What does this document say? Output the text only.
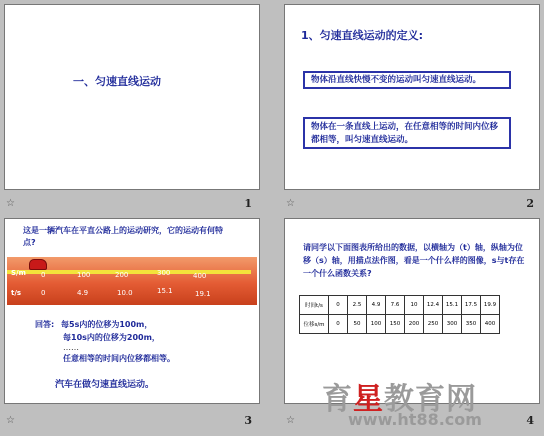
一、匀速直线运动
☆	1
1、匀速直线运动的定义:
物体沿直线快慢不变的运动叫匀速直线运动。
物体在一条直线上运动，在任意相等的时间内位移都相等，叫匀速直线运动。
☆	2
这是一辆汽车在平直公路上的运动研究，它的运动有何特点?
S/m
t/s
0	100	200	300	400
0	4.9	10.0	15.1	19.1
回答: 每5s内的位移为100m，
每10s内的位移为200m，
……
任意相等的时间内位移都相等。
汽车在做匀速直线运动。
☆	3
请同学以下面图表所给出的数据，以横轴为（t）轴，纵轴为位移（s）轴，用描点法作图，看是一个什么样的图像，s与t存在一个什么函数关系?
时间t/s	0	2.5	4.9	7.6	10	12.4	15.1	17.5	19.9
位移s/m	0	50	100	150	200	250	300	350	400
☆	4
育星教育网
www.ht88.com
